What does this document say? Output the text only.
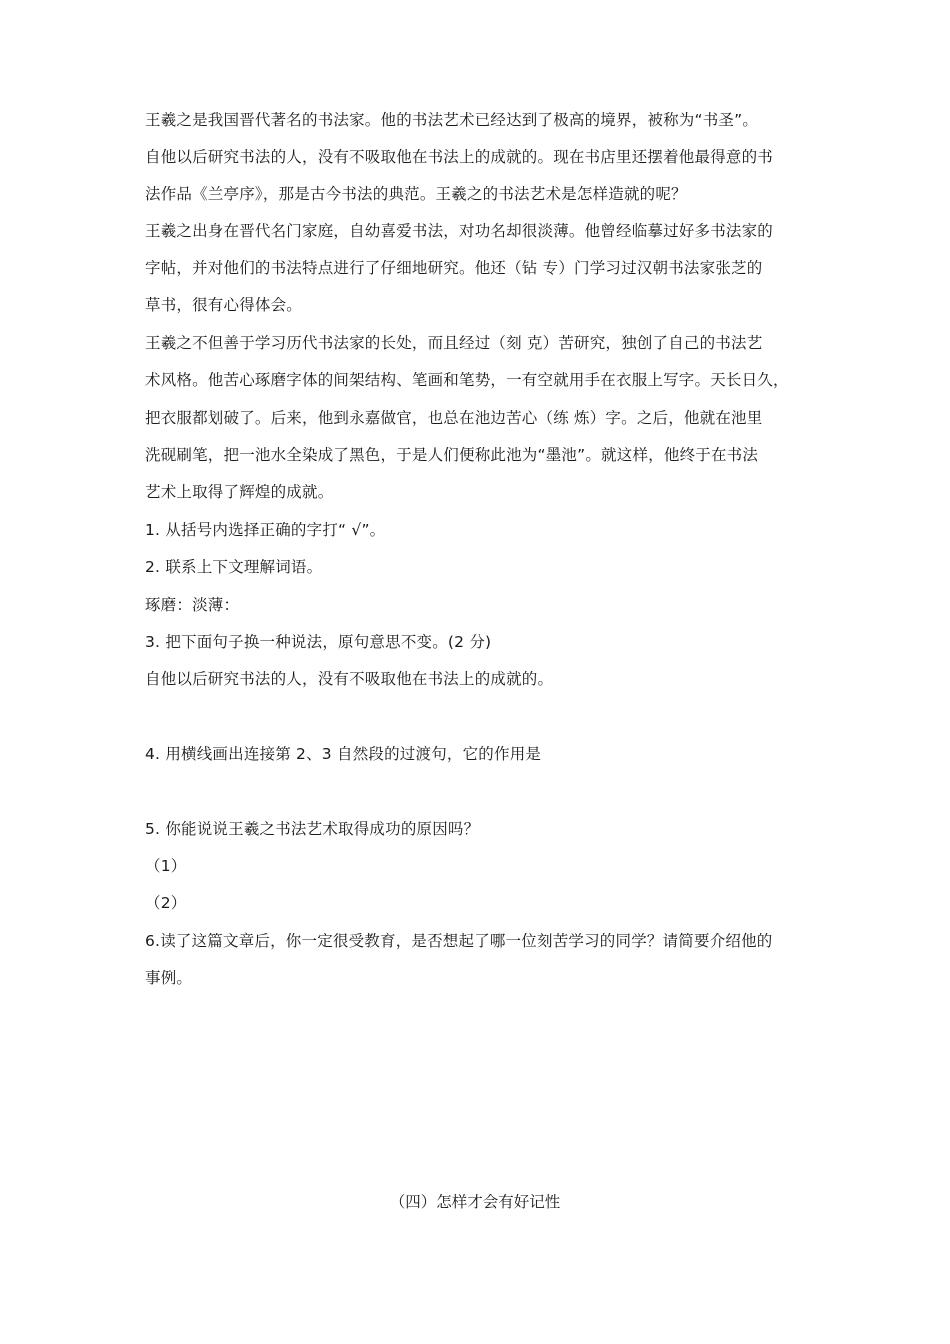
王羲之是我国晋代著名的书法家。他的书法艺术已经达到了极高的境界，被称为“书圣”。
自他以后研究书法的人，没有不吸取他在书法上的成就的。现在书店里还摆着他最得意的书
法作品《兰亭序》，那是古今书法的典范。王羲之的书法艺术是怎样造就的呢？
王羲之出身在晋代名门家庭，自幼喜爱书法，对功名却很淡薄。他曾经临摹过好多书法家的
字帖，并对他们的书法特点进行了仔细地研究。他还（钻 专）门学习过汉朝书法家张芝的
草书，很有心得体会。
王羲之不但善于学习历代书法家的长处，而且经过（刻 克）苦研究，独创了自己的书法艺
术风格。他苦心琢磨字体的间架结构、笔画和笔势，一有空就用手在衣服上写字。天长日久，
把衣服都划破了。后来，他到永嘉做官，也总在池边苦心（练 炼）字。之后，他就在池里
洗砚刷笔，把一池水全染成了黑色，于是人们便称此池为“墨池”。就这样，他终于在书法
艺术上取得了辉煌的成就。
1. 从括号内选择正确的字打“ √”。
2. 联系上下文理解词语。
琢磨：淡薄：
3. 把下面句子换一种说法，原句意思不变。(2 分)
自他以后研究书法的人，没有不吸取他在书法上的成就的。
4. 用横线画出连接第 2、3 自然段的过渡句，它的作用是
5. 你能说说王羲之书法艺术取得成功的原因吗？
（1）
（2）
6.读了这篇文章后，你一定很受教育，是否想起了哪一位刻苦学习的同学？请简要介绍他的
事例。
（四）怎样才会有好记性
